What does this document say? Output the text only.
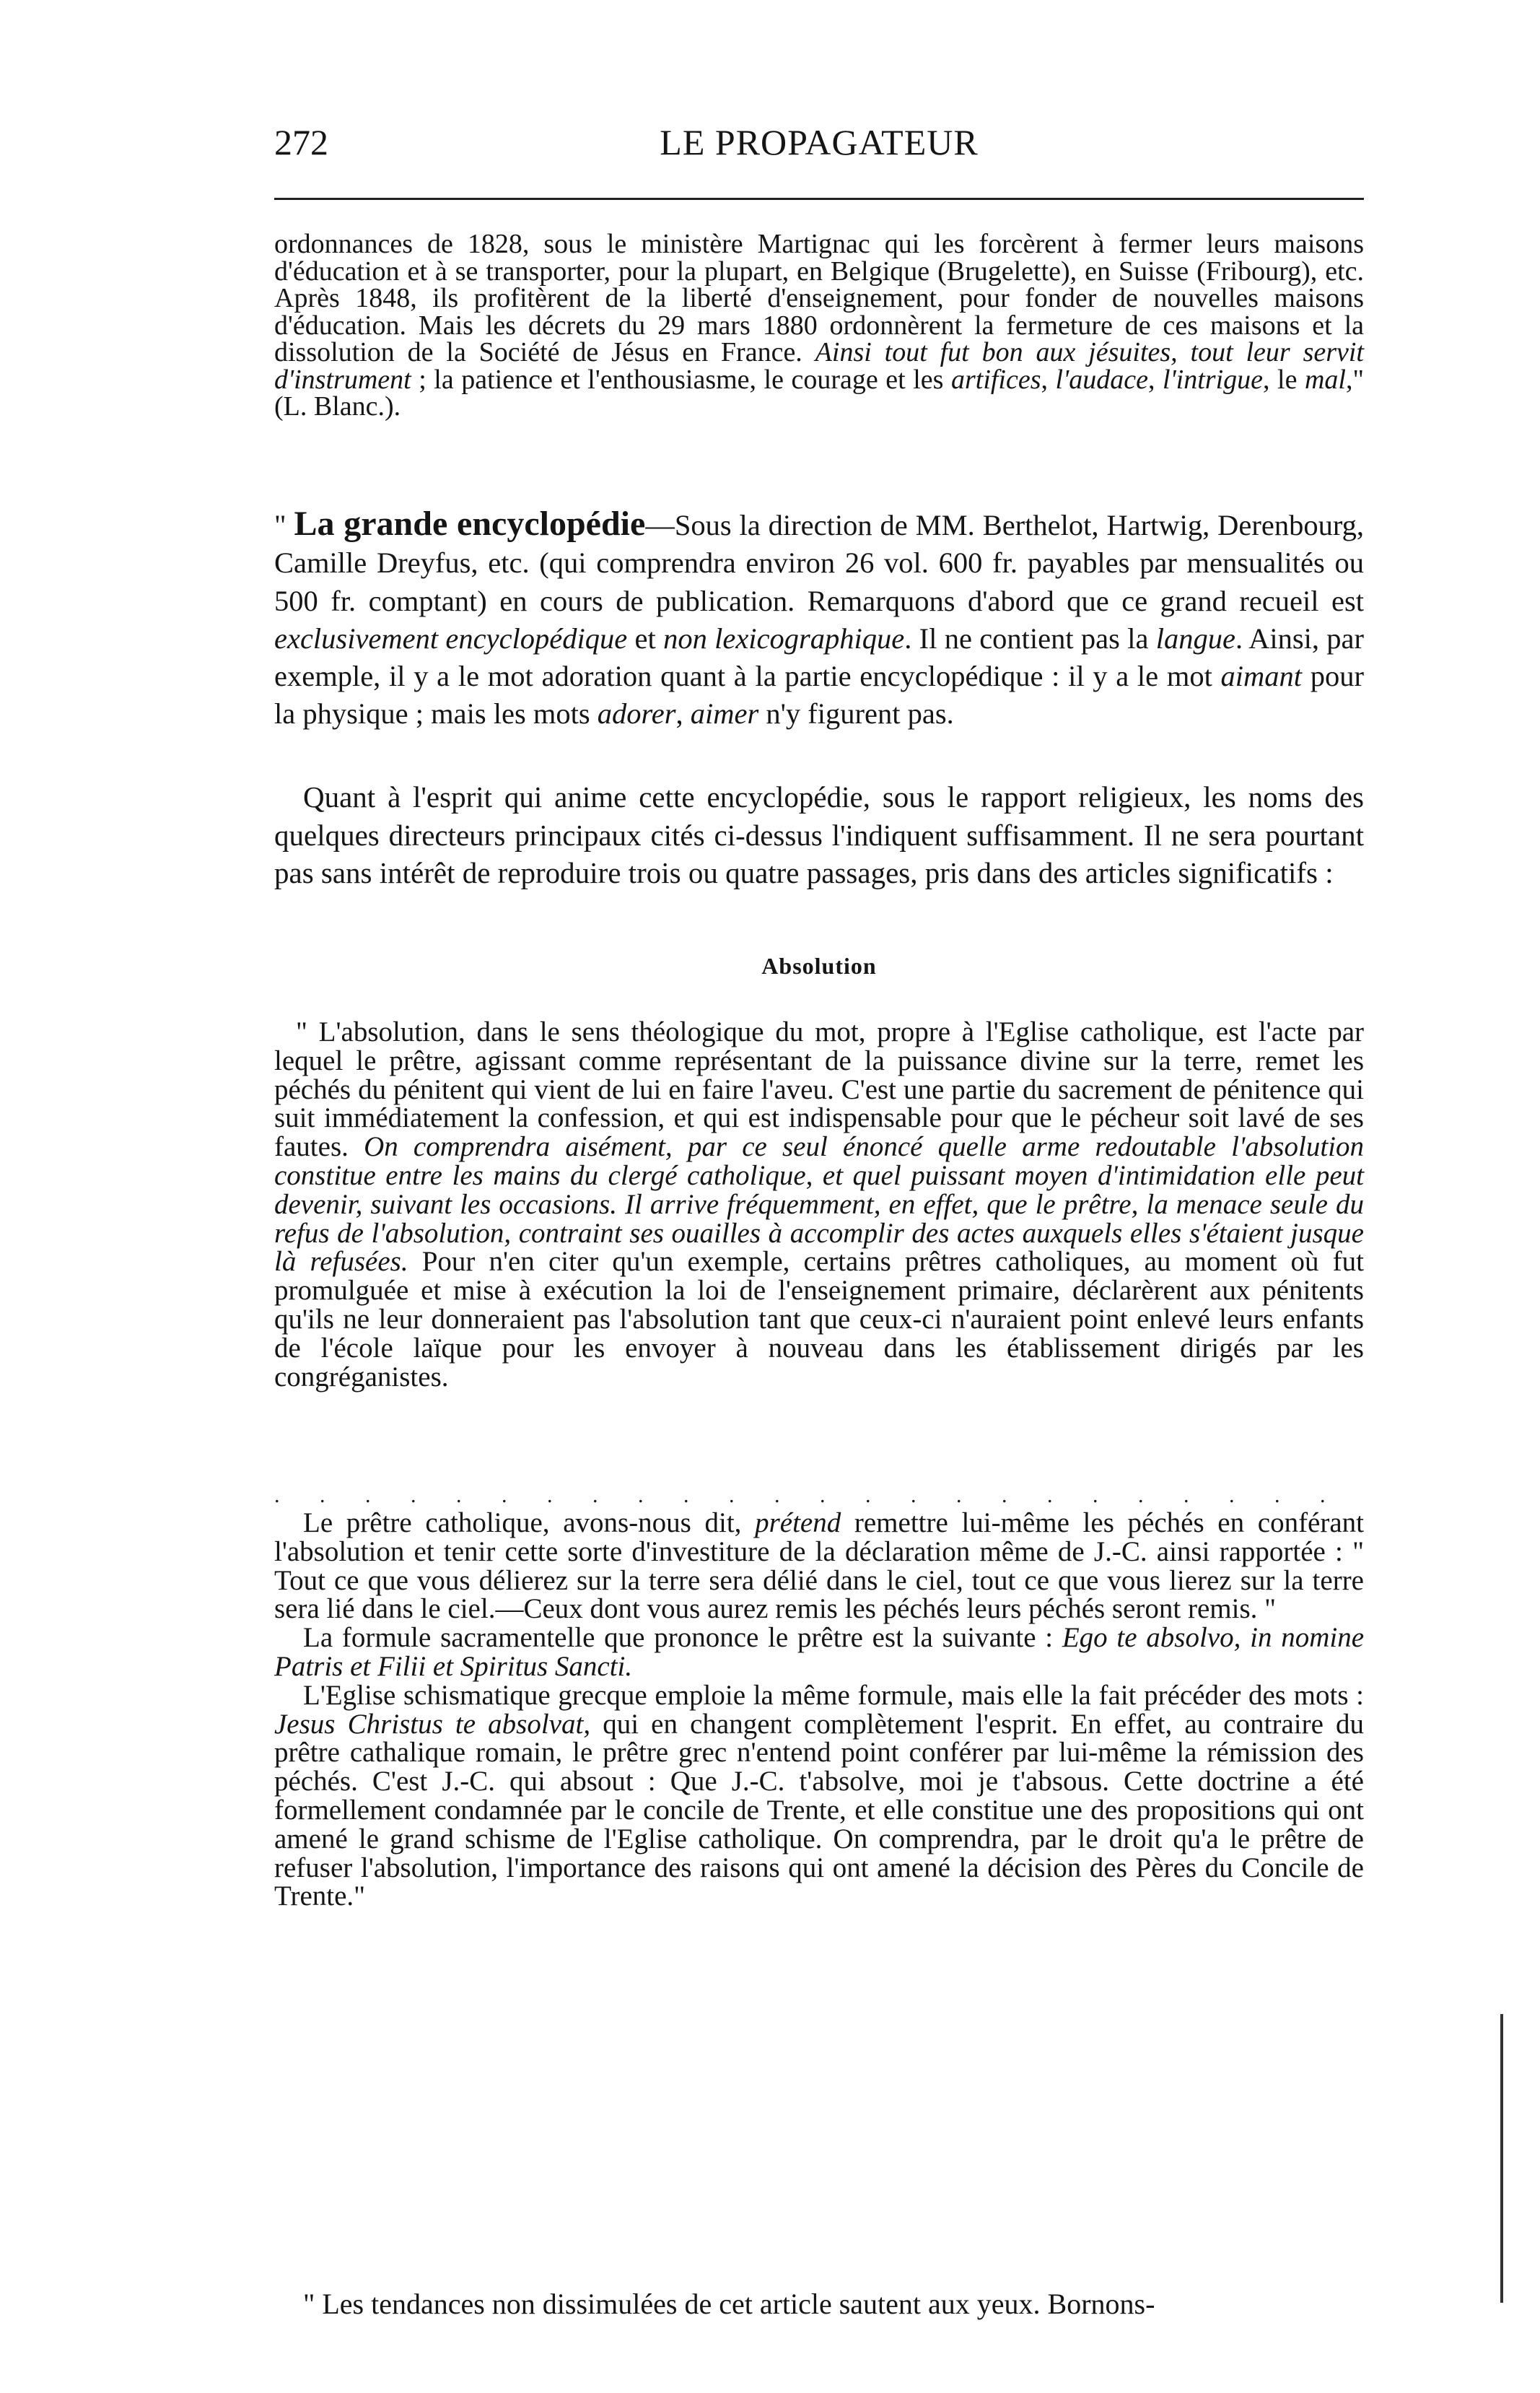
272	LE PROPAGATEUR

ordonnances de 1828, sous le ministère Martignac qui les forcèrent à fermer leurs maisons d'éducation et à se transporter, pour la plupart, en Belgique (Brugelette), en Suisse (Fribourg), etc. Après 1848, ils profitèrent de la liberté d'enseignement, pour fonder de nouvelles maisons d'éducation. Mais les décrets du 29 mars 1880 ordonnèrent la fermeture de ces maisons et la dissolution de la Société de Jésus en France. Ainsi tout fut bon aux jésuites, tout leur servit d'instrument ; la patience et l'enthousiasme, le courage et les artifices, l'audace, l'intrigue, le mal," (L. Blanc.).

" La grande encyclopédie—Sous la direction de MM. Berthelot, Hartwig, Derenbourg, Camille Dreyfus, etc. (qui comprendra environ 26 vol. 600 fr. payables par mensualités ou 500 fr. comptant) en cours de publication. Remarquons d'abord que ce grand recueil est exclusivement encyclopédique et non lexicographique. Il ne contient pas la langue. Ainsi, par exemple, il y a le mot adoration quant à la partie encyclopédique : il y a le mot aimant pour la physique ; mais les mots adorer, aimer n'y figurent pas.

Quant à l'esprit qui anime cette encyclopédie, sous le rapport religieux, les noms des quelques directeurs principaux cités ci-dessus l'indiquent suffisamment. Il ne sera pourtant pas sans intérêt de reproduire trois ou quatre passages, pris dans des articles significatifs :

Absolution

" L'absolution, dans le sens théologique du mot, propre à l'Eglise catholique, est l'acte par lequel le prêtre, agissant comme représentant de la puissance divine sur la terre, remet les péchés du pénitent qui vient de lui en faire l'aveu. C'est une partie du sacrement de pénitence qui suit immédiatement la confession, et qui est indispensable pour que le pécheur soit lavé de ses fautes. On comprendra aisément, par ce seul énoncé quelle arme redoutable l'absolution constitue entre les mains du clergé catholique, et quel puissant moyen d'intimidation elle peut devenir, suivant les occasions. Il arrive fréquemment, en effet, que le prêtre, la menace seule du refus de l'absolution, contraint ses ouailles à accomplir des actes auxquels elles s'étaient jusque là refusées. Pour n'en citer qu'un exemple, certains prêtres catholiques, au moment où fut promulguée et mise à exécution la loi de l'enseignement primaire, déclarèrent aux pénitents qu'ils ne leur donneraient pas l'absolution tant que ceux-ci n'auraient point enlevé leurs enfants de l'école laïque pour les envoyer à nouveau dans les établissement dirigés par les congréganistes.

. . . . . . . . . . . . . . . . . . . . . . . .

Le prêtre catholique, avons-nous dit, prétend remettre lui-même les péchés en conférant l'absolution et tenir cette sorte d'investiture de la déclaration même de J.-C. ainsi rapportée : " Tout ce que vous délierez sur la terre sera délié dans le ciel, tout ce que vous lierez sur la terre sera lié dans le ciel.—Ceux dont vous aurez remis les péchés leurs péchés seront remis. "

La formule sacramentelle que prononce le prêtre est la suivante : Ego te absolvo, in nomine Patris et Filii et Spiritus Sancti.

L'Eglise schismatique grecque emploie la même formule, mais elle la fait précéder des mots : Jesus Christus te absolvat, qui en changent complètement l'esprit. En effet, au contraire du prêtre cathalique romain, le prêtre grec n'entend point conférer par lui-même la rémission des péchés. C'est J.-C. qui absout : Que J.-C. t'absolve, moi je t'absous. Cette doctrine a été formellement condamnée par le concile de Trente, et elle constitue une des propositions qui ont amené le grand schisme de l'Eglise catholique. On comprendra, par le droit qu'a le prêtre de refuser l'absolution, l'importance des raisons qui ont amené la décision des Pères du Concile de Trente."

" Les tendances non dissimulées de cet article sautent aux yeux. Bornons-
